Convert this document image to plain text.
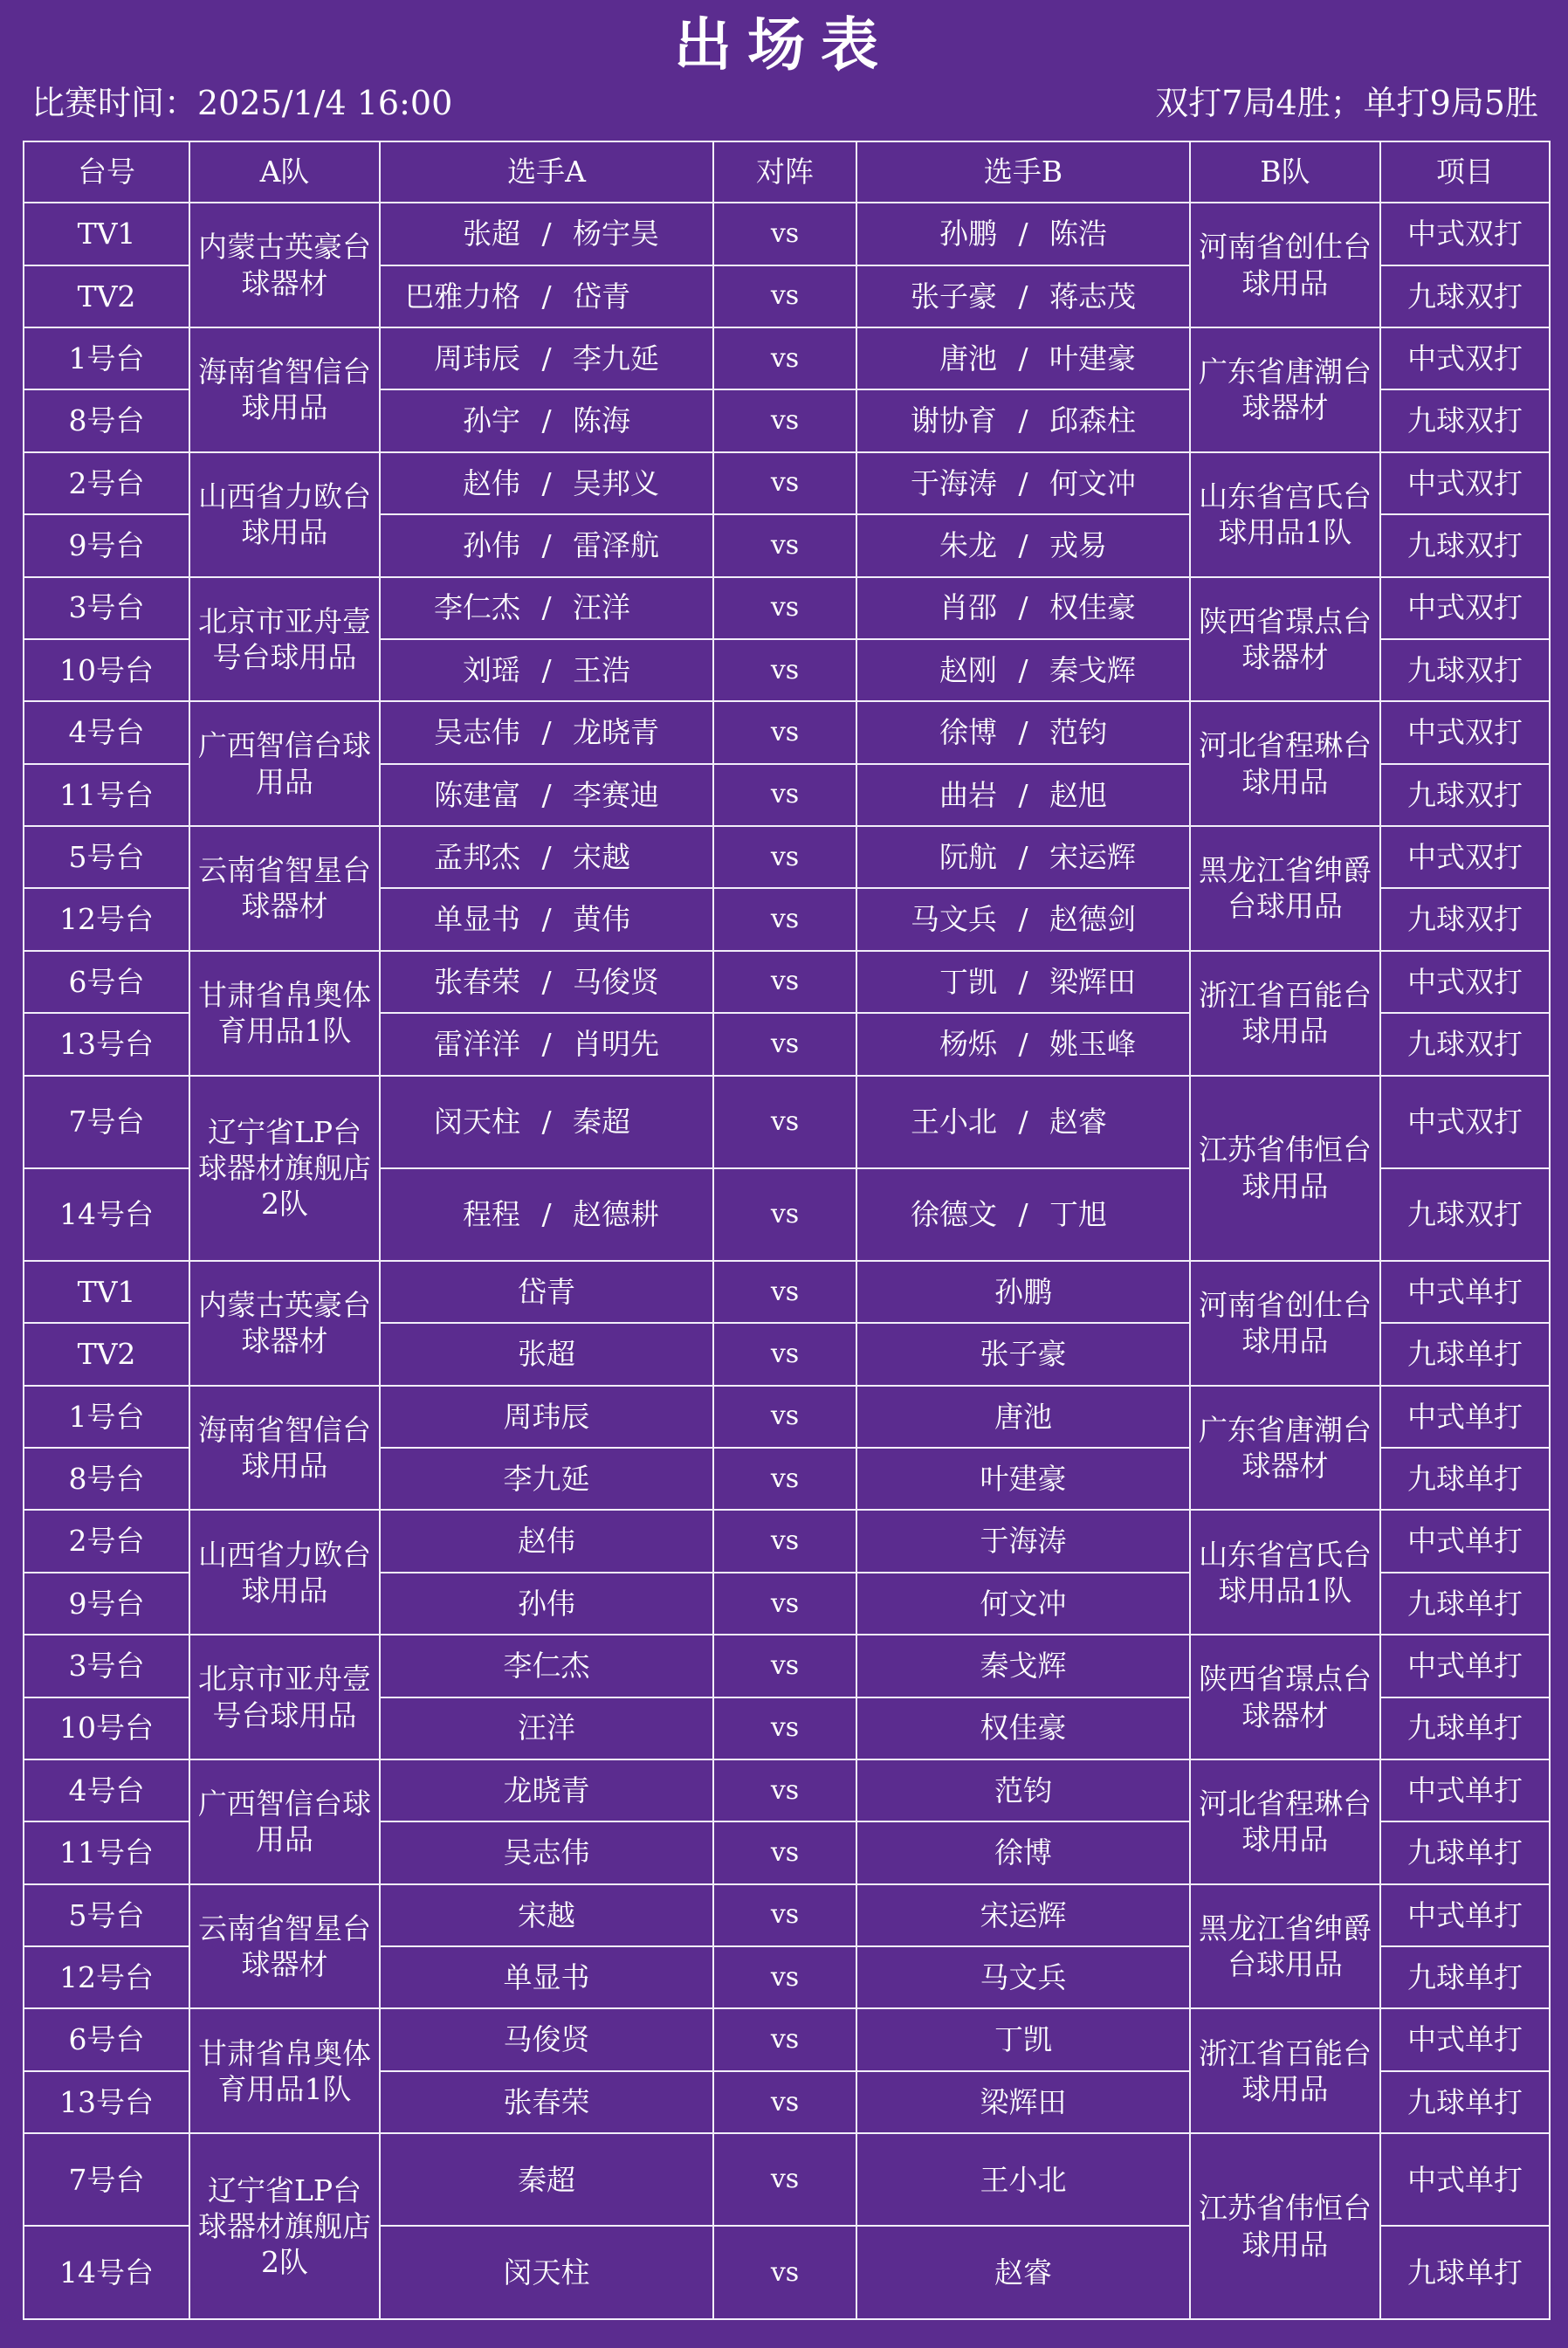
出场表
比赛时间：2025/1/4 16:00	双打7局4胜；单打9局5胜
台号	A队	选手A	对阵	选手B	B队	项目
TV1	内蒙古英豪台球器材	张超 / 杨宇昊	vs	孙鹏 / 陈浩	河南省创仕台球用品	中式双打
TV2		巴雅力格 / 岱青	vs	张子豪 / 蒋志茂		九球双打
1号台	海南省智信台球用品	周玮辰 / 李九延	vs	唐池 / 叶建豪	广东省唐潮台球器材	中式双打
8号台		孙宇 / 陈海	vs	谢协育 / 邱森柱		九球双打
2号台	山西省力欧台球用品	赵伟 / 吴邦义	vs	于海涛 / 何文冲	山东省宫氏台球用品1队	中式双打
9号台		孙伟 / 雷泽航	vs	朱龙 / 戎易		九球双打
3号台	北京市亚舟壹号台球用品	李仁杰 / 汪洋	vs	肖邵 / 权佳豪	陕西省璟点台球器材	中式双打
10号台		刘瑶 / 王浩	vs	赵刚 / 秦戈辉		九球双打
4号台	广西智信台球用品	吴志伟 / 龙晓青	vs	徐博 / 范钧	河北省程琳台球用品	中式双打
11号台		陈建富 / 李赛迪	vs	曲岩 / 赵旭		九球双打
5号台	云南省智星台球器材	孟邦杰 / 宋越	vs	阮航 / 宋运辉	黑龙江省绅爵台球用品	中式双打
12号台		单显书 / 黄伟	vs	马文兵 / 赵德剑		九球双打
6号台	甘肃省帛奥体育用品1队	张春荣 / 马俊贤	vs	丁凯 / 梁辉田	浙江省百能台球用品	中式双打
13号台		雷洋洋 / 肖明先	vs	杨烁 / 姚玉峰		九球双打
7号台	辽宁省LP台球器材旗舰店2队	闵天柱 / 秦超	vs	王小北 / 赵睿	江苏省伟恒台球用品	中式双打
14号台		程程 / 赵德耕	vs	徐德文 / 丁旭		九球双打
TV1	内蒙古英豪台球器材	岱青	vs	孙鹏	河南省创仕台球用品	中式单打
TV2		张超	vs	张子豪		九球单打
1号台	海南省智信台球用品	周玮辰	vs	唐池	广东省唐潮台球器材	中式单打
8号台		李九延	vs	叶建豪		九球单打
2号台	山西省力欧台球用品	赵伟	vs	于海涛	山东省宫氏台球用品1队	中式单打
9号台		孙伟	vs	何文冲		九球单打
3号台	北京市亚舟壹号台球用品	李仁杰	vs	秦戈辉	陕西省璟点台球器材	中式单打
10号台		汪洋	vs	权佳豪		九球单打
4号台	广西智信台球用品	龙晓青	vs	范钧	河北省程琳台球用品	中式单打
11号台		吴志伟	vs	徐博		九球单打
5号台	云南省智星台球器材	宋越	vs	宋运辉	黑龙江省绅爵台球用品	中式单打
12号台		单显书	vs	马文兵		九球单打
6号台	甘肃省帛奥体育用品1队	马俊贤	vs	丁凯	浙江省百能台球用品	中式单打
13号台		张春荣	vs	梁辉田		九球单打
7号台	辽宁省LP台球器材旗舰店2队	秦超	vs	王小北	江苏省伟恒台球用品	中式单打
14号台		闵天柱	vs	赵睿		九球单打
